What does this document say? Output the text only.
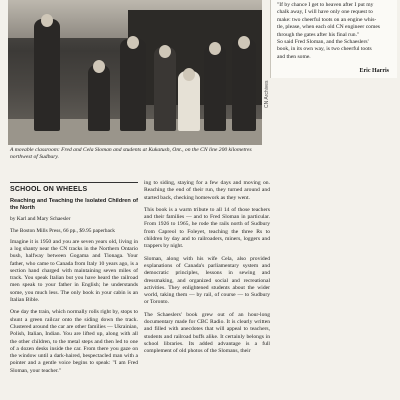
CN Archives
A movable classroom: Fred and Cela Sloman and students at Kukatush, Ont., on the CN line 200 kilometres northwest of Sudbury.

"If by chance I get to heaven after I put my

chalk away, I will have only one request to

make: two cheerful toots on an engine whis-

tle, please, when each old CN engineer comes

through the gates after his final run."

So said Fred Sloman, and the Schaeslers'

book, in its own way, is two cheerful toots

and then some.

Eric Harris

SCHOOL ON WHEELS

Reaching and Teaching the Isolated Children of the North

by Karl and Mary Schaesler

The Boston Mills Press, 66 pp., $9.95 paperback

Imagine it is 1950 and you are seven years old, living in a log shanty near the CN tracks in the Northern Ontario bush, halfway between Gogama and Tionaga. Your father, who came to Canada from Italy 10 years ago, is a section hand charged with maintaining seven miles of track. You speak Italian but you have heard the railroad men speak to your father in English; he understands some, you much less. The only book in your cabin is an Italian Bible.

One day the train, which normally rolls right by, stops to shunt a green railcar onto the siding down the track. Clustered around the car are other families — Ukrainian, Polish, Italian, Indian. You are lifted up, along with all the other children, to the metal steps and then led to one of a dozen desks inside the car. From there you gaze on the window until a dark-haired, bespectacled man with a pointer and a gentle voice begins to speak: "I am Fred Sloman, your teacher."

ing to siding, staying for a few days and moving on. Reaching the end of their run, they turned around and started back, checking homework as they went.

This book is a warm tribute to all 14 of those teachers and their families — and to Fred Sloman in particular. From 1926 to 1965, he rode the rails north of Sudbury from Capreol to Foleyet, teaching the three Rs to children by day and to railroaders, miners, loggers and trappers by night.

Sloman, along with his wife Cela, also provided explanations of Canada's parliamentary system and democratic principles, lessons in sewing and dressmaking, and organized social and recreational activities. They enlightened students about the wider world, taking them — by rail, of course — to Sudbury or Toronto.

The Schaeslers' book grew out of an hour-long documentary made for CBC Radio. It is clearly written and filled with anecdotes that will appeal to teachers, students and railroad buffs alike. It certainly belongs in school libraries. Its added advantage is a full complement of old photos of the Slomans, their
